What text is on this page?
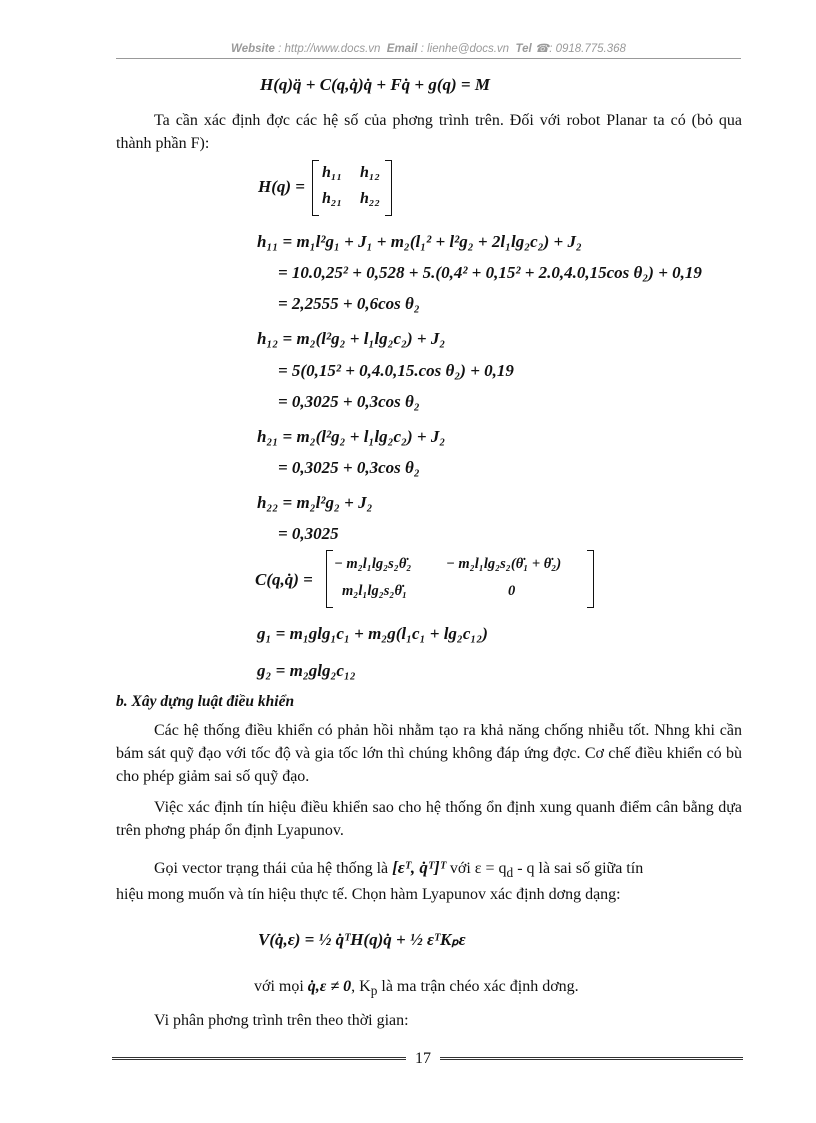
Website : http://www.docs.vn Email : lienhe@docs.vn Tel ☎: 0918.775.368
H(q)q̈ + C(q,q̇)q̇ + Fq̇ + g(q) = M
Ta cần xác định đợc các hệ số của phơng trình trên. Đối với robot Planar ta có (bỏ qua thành phần F):
H(q) =
h₁₁ h₁₂
h₂₁ h₂₂
h₁₁ = m₁l²g₁ + J₁ + m₂(l₁² + l²g₂ + 2l₁lg₂c₂) + J₂
= 10.0,25² + 0,528 + 5.(0,4² + 0,15² + 2.0,4.0,15cos θ₂) + 0,19
= 2,2555 + 0,6cos θ₂
h₁₂ = m₂(l²g₂ + l₁lg₂c₂) + J₂
= 5(0,15² + 0,4.0,15.cos θ₂) + 0,19
= 0,3025 + 0,3cos θ₂
h₂₁ = m₂(l²g₂ + l₁lg₂c₂) + J₂
= 0,3025 + 0,3cos θ₂
h₂₂ = m₂l²g₂ + J₂
= 0,3025
C(q,q̇) =
− m₂l₁lg₂s₂θ̇₂ − m₂l₁lg₂s₂(θ̇₁ + θ̇₂)
m₂l₁lg₂s₂θ̇₁	0
g₁ = m₁glg₁c₁ + m₂g(l₁c₁ + lg₂c₁₂)
g₂ = m₂glg₂c₁₂
b. Xây dựng luật điều khiển
Các hệ thống điều khiển có phản hồi nhằm tạo ra khả năng chống nhiễu tốt. Nhng khi cần bám sát quỹ đạo với tốc độ và gia tốc lớn thì chúng không đáp ứng đợc. Cơ chế điều khiển có bù cho phép giảm sai số quỹ đạo.
Việc xác định tín hiệu điều khiển sao cho hệ thống ổn định xung quanh điểm cân bằng dựa trên phơng pháp ổn định Lyapunov.
Gọi vector trạng thái của hệ thống là [εᵀ, q̇ᵀ]ᵀ với $\varepsilon = q_d - q$ là sai số giữa tín
hiệu mong muốn và tín hiệu thực tế. Chọn hàm Lyapunov xác định dơng dạng:
V(q̇,ε) = ½ q̇ᵀH(q)q̇ + ½ εᵀKₚε
với mọi q̇,ε ≠ 0, $K_p$ là ma trận chéo xác định dơng.
Vi phân phơng trình trên theo thời gian:
17
